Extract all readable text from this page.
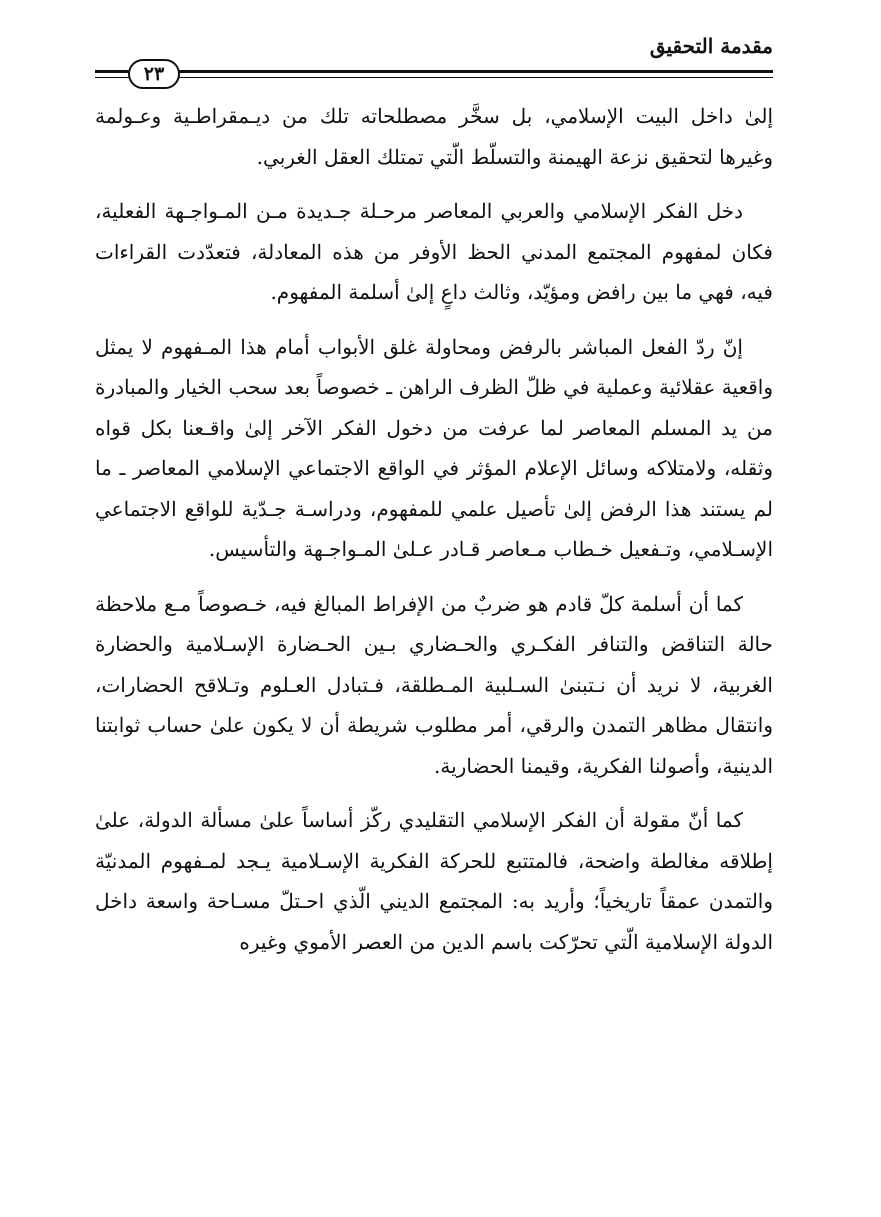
مقدمة التحقيق
٢٣

إلىٰ داخل البيت الإسلامي، بل سخَّر مصطلحاته تلك من ديـمقراطـية وعـولمة وغيرها لتحقيق نزعة الهيمنة والتسلّط الّتي تمتلك العقل الغربي.

دخل الفكر الإسلامي والعربي المعاصر مرحـلة جـديدة مـن المـواجـهة الفعلية، فكان لمفهوم المجتمع المدني الحظ الأوفر من هذه المعادلة، فتعدّدت القراءات فيه، فهي ما بين رافض ومؤيّد، وثالث داعٍ إلىٰ أسلمة المفهوم.

إنّ ردّ الفعل المباشر بالرفض ومحاولة غلق الأبواب أمام هذا المـفهوم لا يمثل واقعية عقلائية وعملية في ظلّ الظرف الراهن ـ خصوصاً بعد سحب الخيار والمبادرة من يد المسلم المعاصر لما عرفت من دخول الفكر الآخر إلىٰ واقـعنا بكل قواه وثقله، ولامتلاكه وسائل الإعلام المؤثر في الواقع الاجتماعي الإسلامي المعاصر ـ ما لم يستند هذا الرفض إلىٰ تأصيل علمي للمفهوم، ودراسـة جـدّية للواقع الاجتماعي الإسـلامي، وتـفعيل خـطاب مـعاصر قـادر عـلىٰ المـواجـهة والتأسيس.

كما أن أسلمة كلّ قادم هو ضربٌ من الإفراط المبالغ فيه، خـصوصاً مـع ملاحظة حالة التناقض والتنافر الفكـري والحـضاري بـين الحـضارة الإسـلامية والحضارة الغربية، لا نريد أن نـتبنىٰ السـلبية المـطلقة، فـتبادل العـلوم وتـلاقح الحضارات، وانتقال مظاهر التمدن والرقي، أمر مطلوب شريطة أن لا يكون علىٰ حساب ثوابتنا الدينية، وأصولنا الفكرية، وقيمنا الحضارية.

كما أنّ مقولة أن الفكر الإسلامي التقليدي ركّز أساساً علىٰ مسألة الدولة، علىٰ إطلاقه مغالطة واضحة، فالمتتبع للحركة الفكرية الإسـلامية يـجد لمـفهوم المدنيّة والتمدن عمقاً تاريخياً؛ وأريد به: المجتمع الديني الّذي احـتلّ مسـاحة واسعة داخل الدولة الإسلامية الّتي تحرّكت باسم الدين من العصر الأموي وغيره
